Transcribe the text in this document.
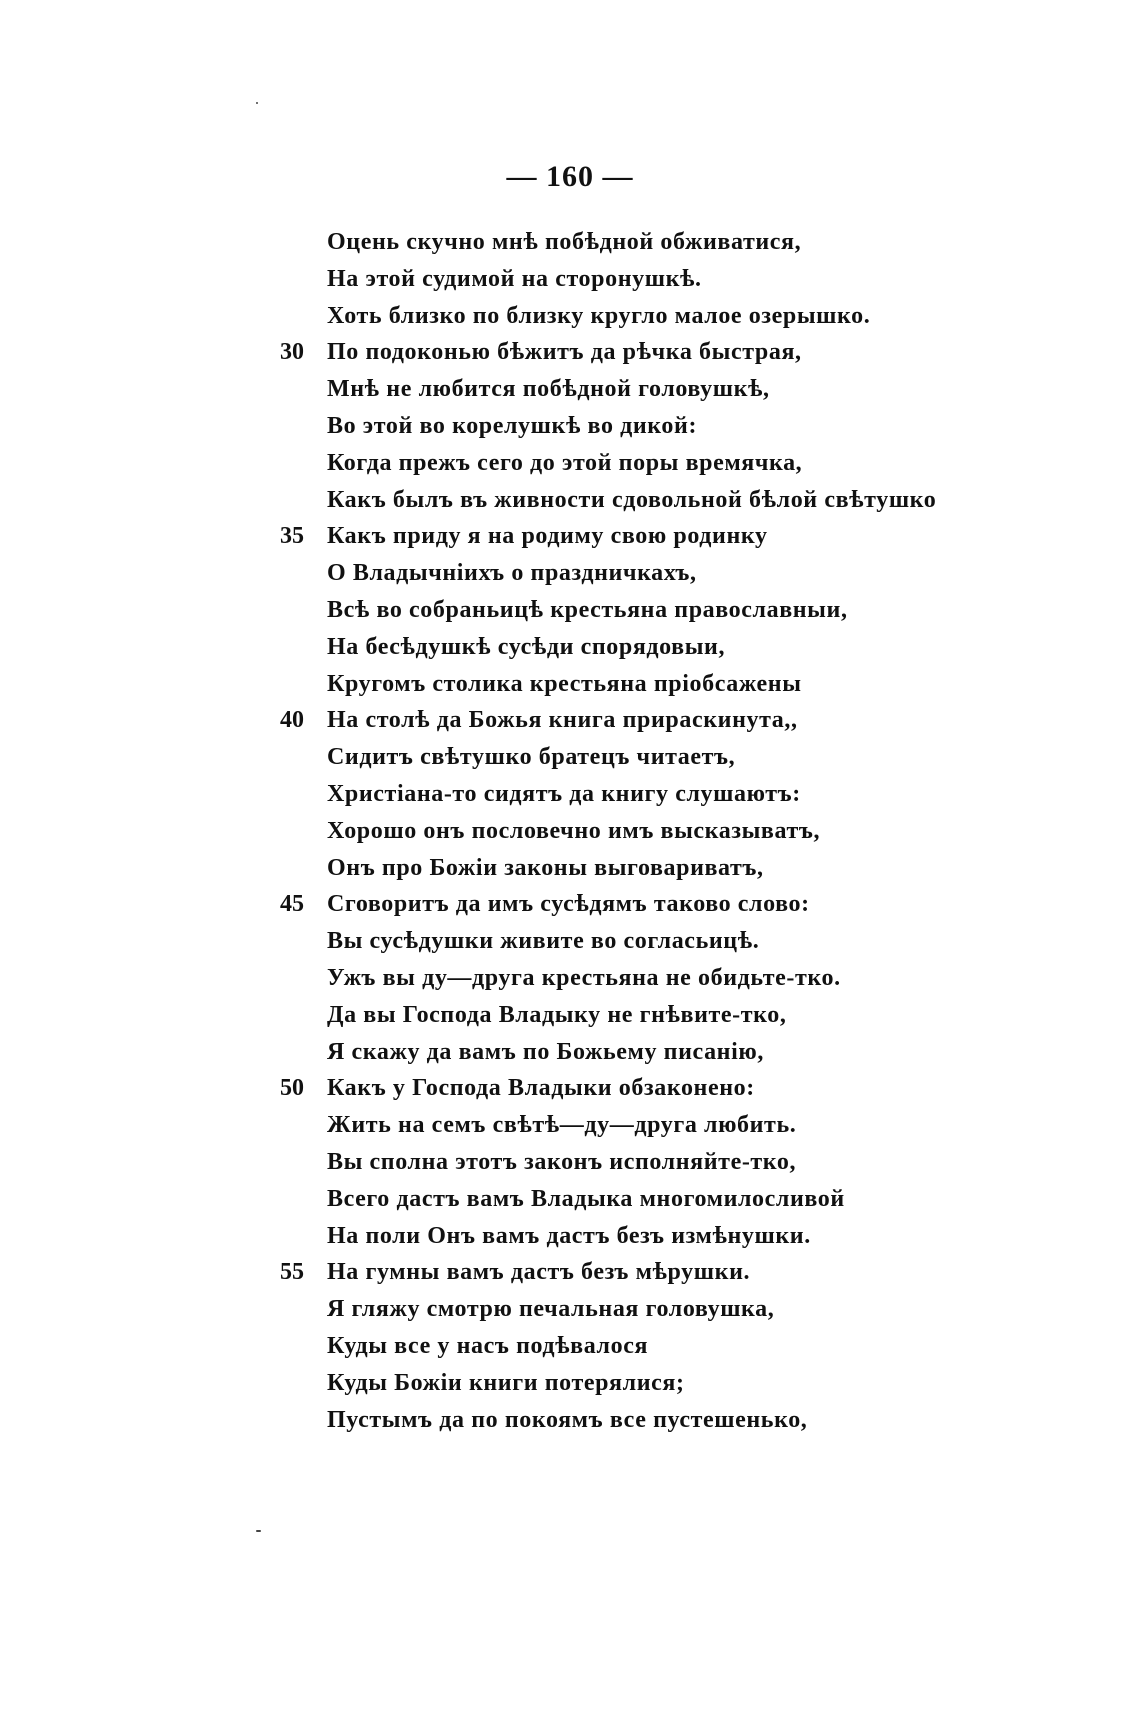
— 160 —
Оцень скучно мнѣ побѣдной обживатися,
На этой судимой на сторонушкѣ.
Хоть близко по близку кругло малое озерышко.
30 По подоконью бѣжитъ да рѣчка быстрая,
Мнѣ не любится побѣдной головушкѣ,
Во этой во корелушкѣ во дикой:
Когда прежъ сего до этой поры времячка,
Какъ былъ въ живности сдовольной бѣлой свѣтушко
35 Какъ приду я на родиму свою родинку
О Владычніихъ о праздничкахъ,
Всѣ во собраньицѣ крестьяна православныи,
На бесѣдушкѣ сусѣди спорядовыи,
Кругомъ столика крестьяна пріобсажены
40 На столѣ да Божья книга прираскинута,,
Сидитъ свѣтушко братецъ читаетъ,
Христіана-то сидятъ да книгу слушаютъ:
Хорошо онъ пословечно имъ высказыватъ,
Онъ про Божіи законы выговариватъ,
45 Сговоритъ да имъ сусѣдямъ таково слово:
Вы сусѣдушки живите во согласьицѣ.
Ужъ вы ду—друга крестьяна не обидьте-тко.
Да вы Господа Владыку не гнѣвите-тко,
Я скажу да вамъ по Божьему писанію,
50 Какъ у Господа Владыки обзаконено:
Жить на семъ свѣтѣ—ду—друга любить.
Вы сполна этотъ законъ исполняйте-тко,
Всего дастъ вамъ Владыка многомилосливой
На поли Онъ вамъ дастъ безъ измѣнушки.
55 На гумны вамъ дастъ безъ мѣрушки.
Я гляжу смотрю печальная головушка,
Куды все у насъ подѣвалося
Куды Божіи книги потерялися;
Пустымъ да по покоямъ все пустешенько,
